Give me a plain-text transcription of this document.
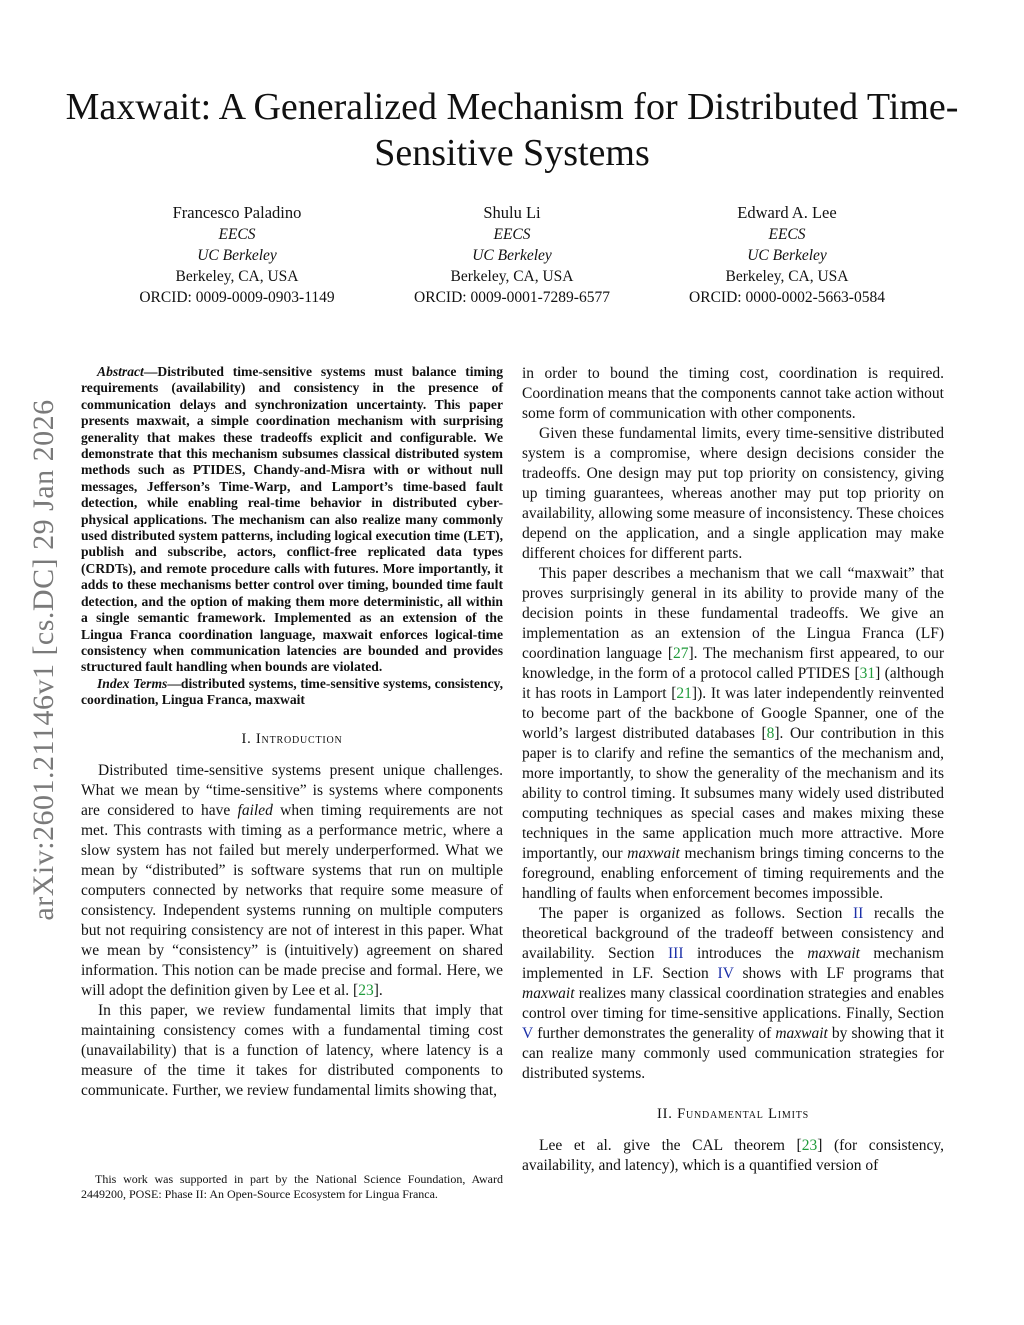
arXiv:2601.21146v1 [cs.DC] 29 Jan 2026
Maxwait: A Generalized Mechanism for Distributed Time-Sensitive Systems
Francesco Paladino
EECS
UC Berkeley
Berkeley, CA, USA
ORCID: 0009-0009-0903-1149
Shulu Li
EECS
UC Berkeley
Berkeley, CA, USA
ORCID: 0009-0001-7289-6577
Edward A. Lee
EECS
UC Berkeley
Berkeley, CA, USA
ORCID: 0000-0002-5663-0584

Abstract—Distributed time-sensitive systems must balance timing requirements (availability) and consistency in the presence of communication delays and synchronization uncertainty. This paper presents maxwait, a simple coordination mechanism with surprising generality that makes these tradeoffs explicit and configurable. We demonstrate that this mechanism subsumes classical distributed system methods such as PTIDES, Chandy-and-Misra with or without null messages, Jefferson’s Time-Warp, and Lamport’s time-based fault detection, while enabling real-time behavior in distributed cyber-physical applications. The mechanism can also realize many commonly used distributed system patterns, including logical execution time (LET), publish and subscribe, actors, conflict-free replicated data types (CRDTs), and remote procedure calls with futures. More importantly, it adds to these mechanisms better control over timing, bounded time fault detection, and the option of making them more deterministic, all within a single semantic framework. Implemented as an extension of the Lingua Franca coordination language, maxwait enforces logical-time consistency when communication latencies are bounded and provides structured fault handling when bounds are violated.

Index Terms—distributed systems, time-sensitive systems, consistency, coordination, Lingua Franca, maxwait

I. Introduction

Distributed time-sensitive systems present unique challenges. What we mean by “time-sensitive” is systems where components are considered to have failed when timing requirements are not met. This contrasts with timing as a performance metric, where a slow system has not failed but merely underperformed. What we mean by “distributed” is software systems that run on multiple computers connected by networks that require some measure of consistency. Independent systems running on multiple computers but not requiring consistency are not of interest in this paper. What we mean by “consistency” is (intuitively) agreement on shared information. This notion can be made precise and formal. Here, we will adopt the definition given by Lee et al. [23].

In this paper, we review fundamental limits that imply that maintaining consistency comes with a fundamental timing cost (unavailability) that is a function of latency, where latency is a measure of the time it takes for distributed components to communicate. Further, we review fundamental limits showing that,

in order to bound the timing cost, coordination is required. Coordination means that the components cannot take action without some form of communication with other components.

Given these fundamental limits, every time-sensitive distributed system is a compromise, where design decisions consider the tradeoffs. One design may put top priority on consistency, giving up timing guarantees, whereas another may put top priority on availability, allowing some measure of inconsistency. These choices depend on the application, and a single application may make different choices for different parts.

This paper describes a mechanism that we call “maxwait” that proves surprisingly general in its ability to provide many of the decision points in these fundamental tradeoffs. We give an implementation as an extension of the Lingua Franca (LF) coordination language [27]. The mechanism first appeared, to our knowledge, in the form of a protocol called PTIDES [31] (although it has roots in Lamport [21]). It was later independently reinvented to become part of the backbone of Google Spanner, one of the world’s largest distributed databases [8]. Our contribution in this paper is to clarify and refine the semantics of the mechanism and, more importantly, to show the generality of the mechanism and its ability to control timing. It subsumes many widely used distributed computing techniques as special cases and makes mixing these techniques in the same application much more attractive. More importantly, our maxwait mechanism brings timing concerns to the foreground, enabling enforcement of timing requirements and the handling of faults when enforcement becomes impossible.

The paper is organized as follows. Section II recalls the theoretical background of the tradeoff between consistency and availability. Section III introduces the maxwait mechanism implemented in LF. Section IV shows with LF programs that maxwait realizes many classical coordination strategies and enables control over timing for time-sensitive applications. Finally, Section V further demonstrates the generality of maxwait by showing that it can realize many commonly used communication strategies for distributed systems.

II. Fundamental Limits

Lee et al. give the CAL theorem [23] (for consistency, availability, and latency), which is a quantified version of

This work was supported in part by the National Science Foundation, Award 2449200, POSE: Phase II: An Open-Source Ecosystem for Lingua Franca.
